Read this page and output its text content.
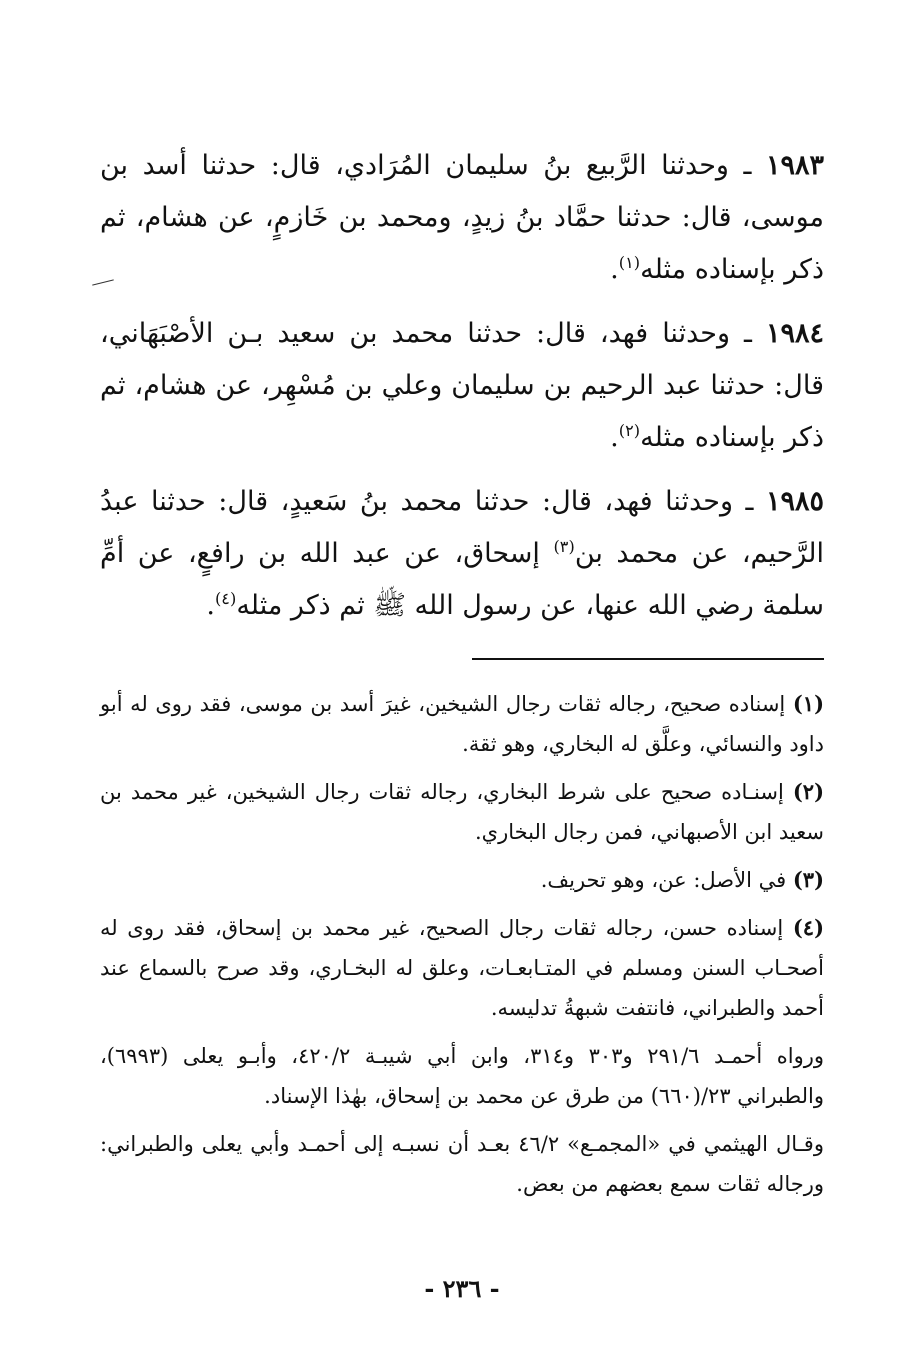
١٩٨٣ ـ وحدثنا الرَّبيع بنُ سليمان المُرَادي، قال: حدثنا أسد بن موسى، قال: حدثنا حمَّاد بنُ زيدٍ، ومحمد بن خَازمٍ، عن هشام، ثم ذكر بإسناده مثله$^{(١)}$.

١٩٨٤ ـ وحدثنا فهد، قال: حدثنا محمد بن سعيد بـن الأصْبَهَاني، قال: حدثنا عبد الرحيم بن سليمان وعلي بن مُسْهِر، عن هشام، ثم ذكر بإسناده مثله$^{(٢)}$.

١٩٨٥ ـ وحدثنا فهد، قال: حدثنا محمد بنُ سَعيدٍ، قال: حدثنا عبدُ الرَّحيم، عن محمد بن$^{(٣)}$ إسحاق، عن عبد الله بن رافعٍ، عن أمِّ سلمة رضي الله عنها، عن رسول الله ﷺ ثم ذكر مثله$^{(٤)}$.

(١) إسناده صحيح، رجاله ثقات رجال الشيخين، غيرَ أسد بن موسى، فقد روى له أبو داود والنسائي، وعلَّق له البخاري، وهو ثقة.

(٢) إسنـاده صحيح على شرط البخاري، رجاله ثقات رجال الشيخين، غير محمد بن سعيد ابن الأصبهاني، فمن رجال البخاري.

(٣) في الأصل: عن، وهو تحريف.

(٤) إسناده حسن، رجاله ثقات رجال الصحيح، غير محمد بن إسحاق، فقد روى له أصحـاب السنن ومسلم في المتـابعـات، وعلق له البخـاري، وقد صرح بالسماع عند أحمد والطبراني، فانتفت شبهةُ تدليسه.

ورواه أحمـد ٢٩١/٦ و٣٠٣ و٣١٤، وابن أبي شيبـة ٤٢٠/٢، وأبـو يعلى (٦٩٩٣)، والطبراني ٢٣/(٦٦٠) من طرق عن محمد بن إسحاق، بهٰذا الإسناد.

وقـال الهيثمي في «المجمـع» ٤٦/٢ بعـد أن نسبـه إلى أحمـد وأبي يعلى والطبراني: ورجاله ثقات سمع بعضهم من بعض.

- ٢٣٦ -
